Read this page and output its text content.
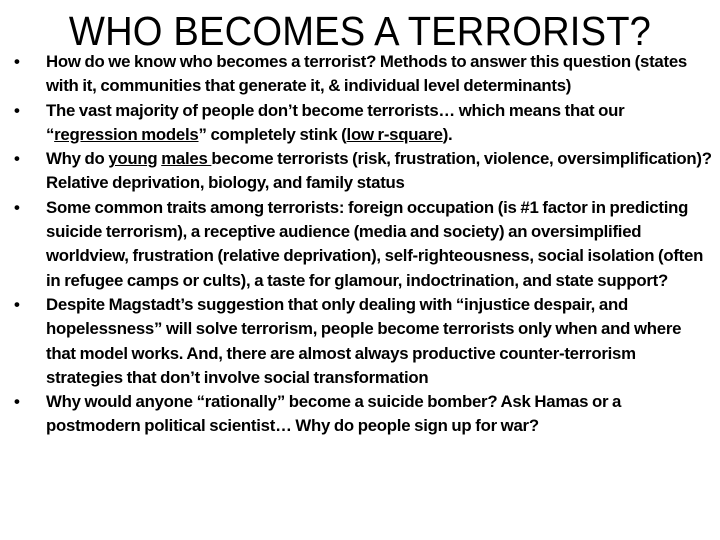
WHO BECOMES A TERRORIST?
• How do we know who becomes a terrorist? Methods to answer this question (states with it, communities that generate it, & individual level determinants)
• The vast majority of people don’t become terrorists… which means that our “regression models” completely stink (low r-square).
• Why do young males become terrorists (risk, frustration, violence, oversimplification)? Relative deprivation, biology, and family status
• Some common traits among terrorists: foreign occupation (is #1 factor in predicting suicide terrorism), a receptive audience (media and society) an oversimplified worldview, frustration (relative deprivation), self-righteousness, social isolation (often in refugee camps or cults), a taste for glamour, indoctrination, and state support?
• Despite Magstadt’s suggestion that only dealing with “injustice despair, and hopelessness” will solve terrorism, people become terrorists only when and where that model works. And, there are almost always productive counter-terrorism strategies that don’t involve social transformation
• Why would anyone “rationally” become a suicide bomber? Ask Hamas or a postmodern political scientist… Why do people sign up for war?
